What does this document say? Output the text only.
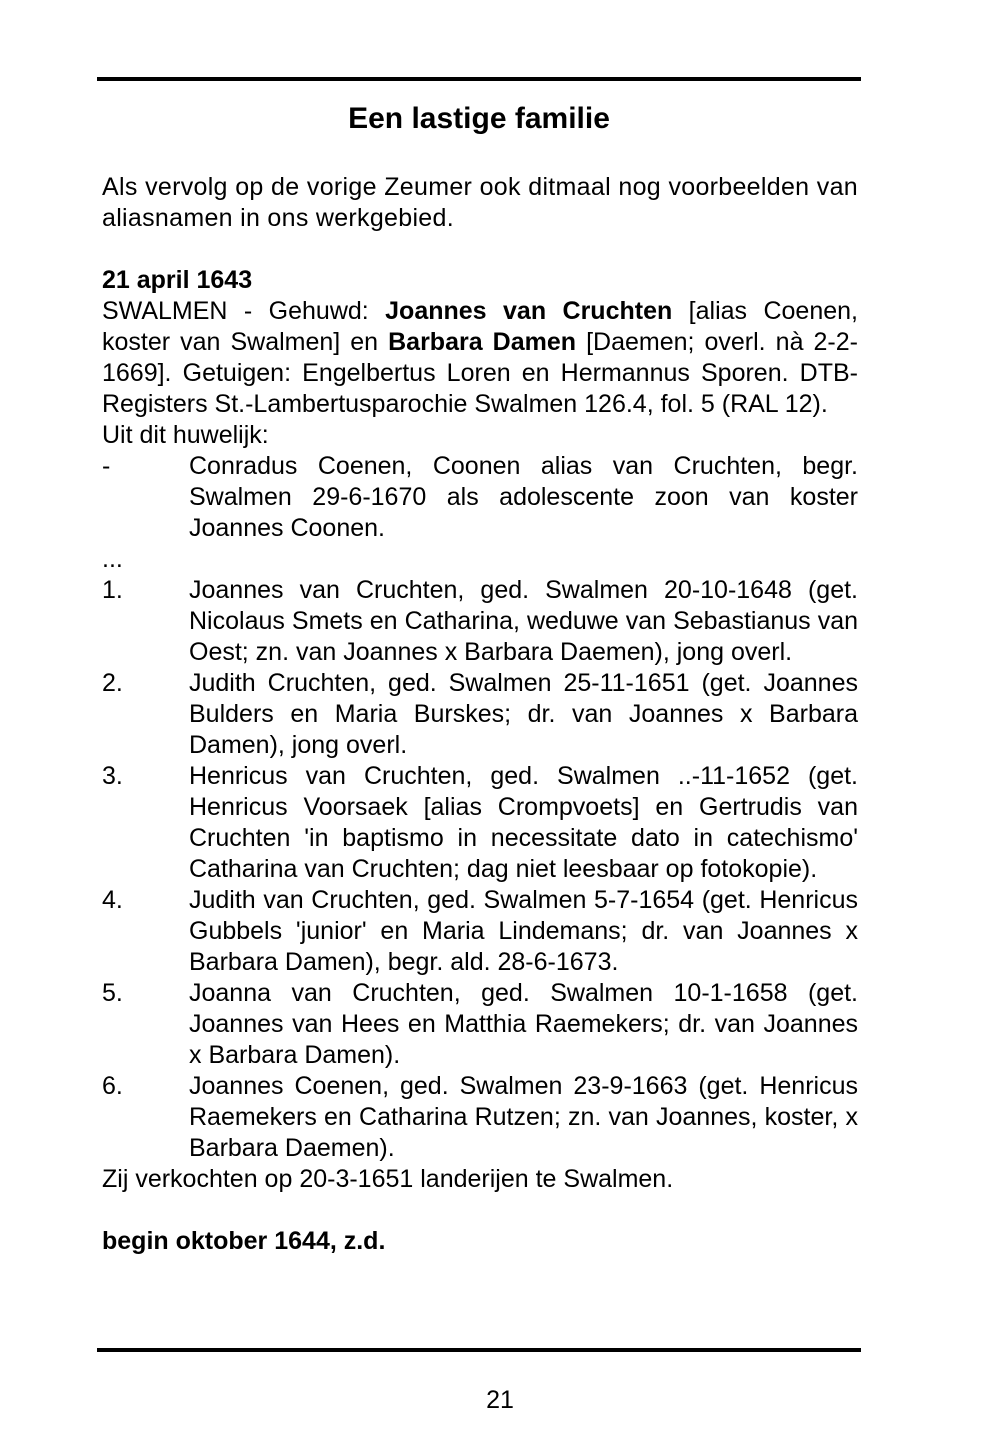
Een lastige familie

Als vervolg op de vorige Zeumer ook ditmaal nog voorbeelden van aliasnamen in ons werkgebied.

21 april 1643

SWALMEN - Gehuwd: Joannes van Cruchten [alias Coenen, koster van Swalmen] en Barbara Damen [Daemen; overl. nà 2-2-1669]. Getuigen: Engelbertus Loren en Hermannus Sporen. DTB-Registers St.-Lambertusparochie Swalmen 126.4, fol. 5 (RAL 12).

Uit dit huwelijk:

-	Conradus Coenen, Coonen alias van Cruchten, begr. Swalmen 29-6-1670 als adolescente zoon van koster Joannes Coonen.

...

1.	Joannes van Cruchten, ged. Swalmen 20-10-1648 (get. Nicolaus Smets en Catharina, weduwe van Sebastianus van Oest; zn. van Joannes x Barbara Daemen), jong overl.
2.	Judith Cruchten, ged. Swalmen 25-11-1651 (get. Joannes Bulders en Maria Burskes; dr. van Joannes x Barbara Damen), jong overl.
3.	Henricus van Cruchten, ged. Swalmen ..-11-1652 (get. Henricus Voorsaek [alias Crompvoets] en Gertrudis van Cruchten 'in baptismo in necessitate dato in catechismo' Catharina van Cruchten; dag niet leesbaar op fotokopie).
4.	Judith van Cruchten, ged. Swalmen 5-7-1654 (get. Henricus Gubbels 'junior' en Maria Lindemans; dr. van Joannes x Barbara Damen), begr. ald. 28-6-1673.
5.	Joanna van Cruchten, ged. Swalmen 10-1-1658 (get. Joannes van Hees en Matthia Raemekers; dr. van Joannes x Barbara Damen).
6.	Joannes Coenen, ged. Swalmen 23-9-1663 (get. Henricus Raemekers en Catharina Rutzen; zn. van Joannes, koster, x Barbara Daemen).

Zij verkochten op 20-3-1651 landerijen te Swalmen.

begin oktober 1644, z.d.

21
